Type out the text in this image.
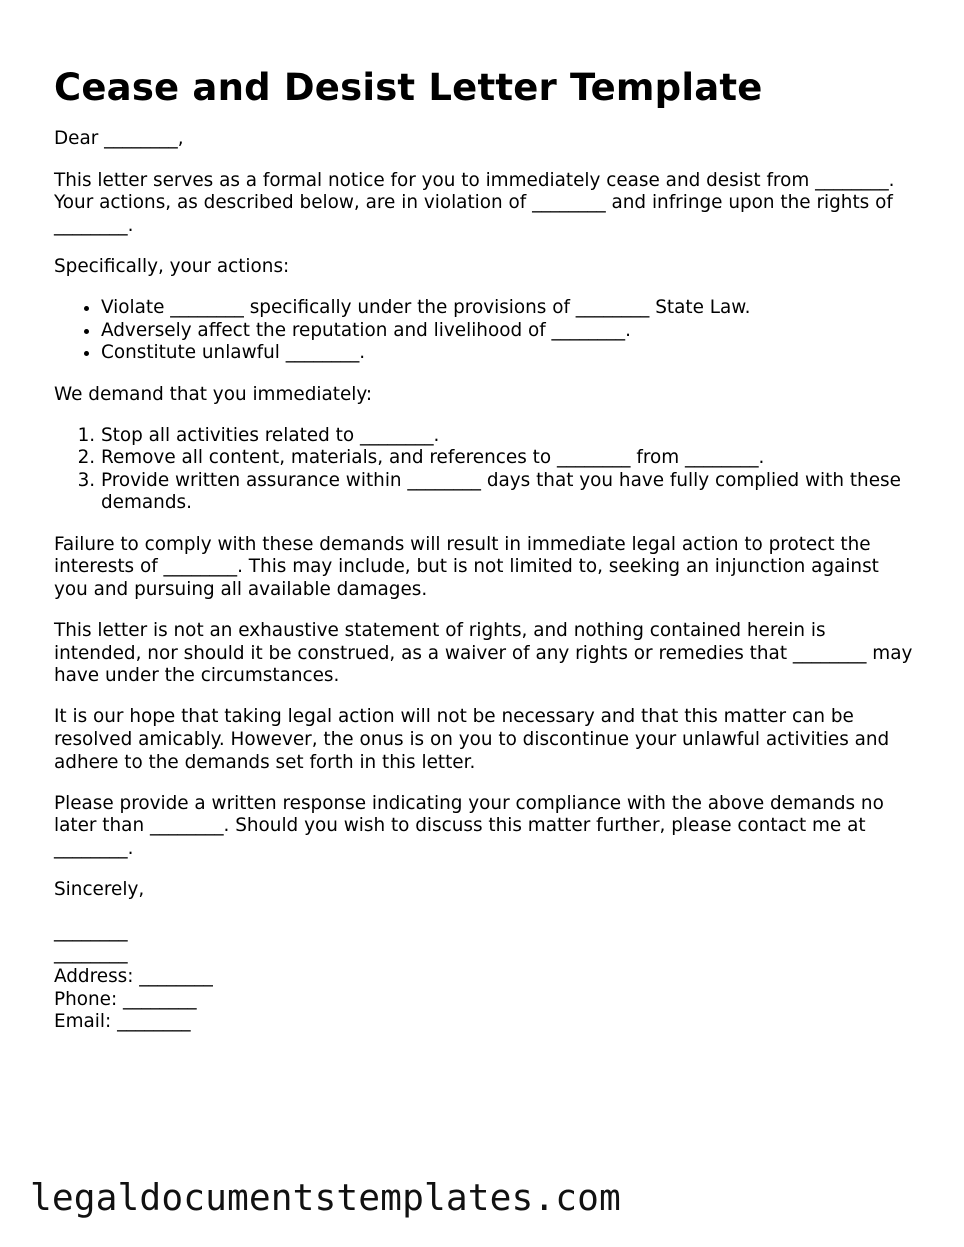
Cease and Desist Letter Template

Dear ________,

This letter serves as a formal notice for you to immediately cease and desist from ________. Your actions, as described below, are in violation of ________ and infringe upon the rights of ________.

Specifically, your actions:

• Violate ________ specifically under the provisions of ________ State Law.
• Adversely affect the reputation and livelihood of ________.
• Constitute unlawful ________.

We demand that you immediately:

1. Stop all activities related to ________.
2. Remove all content, materials, and references to ________ from ________.
3. Provide written assurance within ________ days that you have fully complied with these demands.

Failure to comply with these demands will result in immediate legal action to protect the interests of ________. This may include, but is not limited to, seeking an injunction against you and pursuing all available damages.

This letter is not an exhaustive statement of rights, and nothing contained herein is intended, nor should it be construed, as a waiver of any rights or remedies that ________ may have under the circumstances.

It is our hope that taking legal action will not be necessary and that this matter can be resolved amicably. However, the onus is on you to discontinue your unlawful activities and adhere to the demands set forth in this letter.

Please provide a written response indicating your compliance with the above demands no later than ________. Should you wish to discuss this matter further, please contact me at ________.

Sincerely,

________
________
Address: ________
Phone: ________
Email: ________
legaldocumentstemplates.com
